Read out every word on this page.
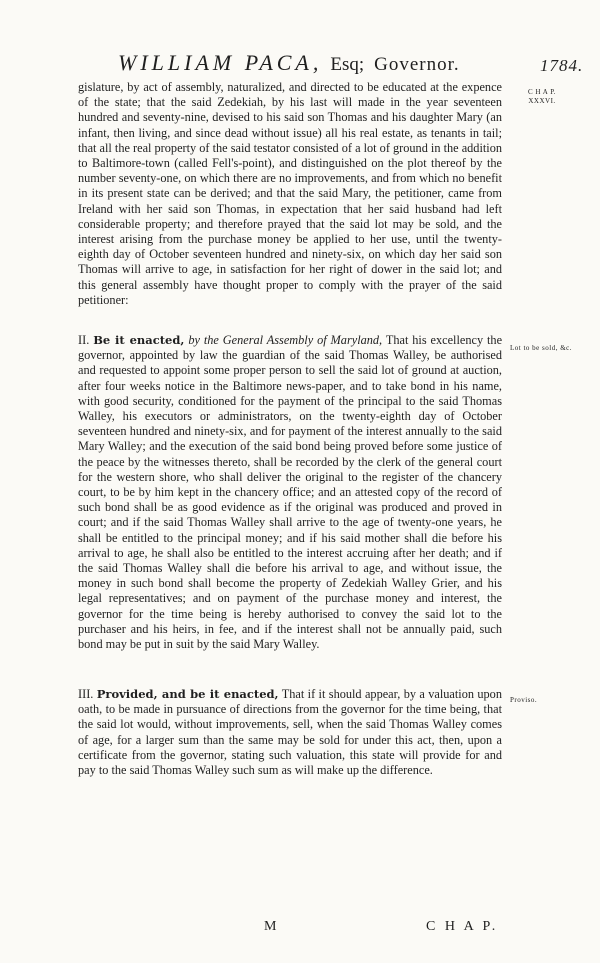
WILLIAM PACA, Esq; Governor.	1784.
C H A P.
XXXVI.
gislature, by act of assembly, naturalized, and directed to be educated at the expence of the state; that the said Zedekiah, by his last will made in the year seventeen hundred and seventy-nine, devised to his said son Thomas and his daughter Mary (an infant, then living, and since dead without issue) all his real estate, as tenants in tail; that all the real property of the said testator consisted of a lot of ground in the addition to Baltimore-town (called Fell's-point), and distinguished on the plot thereof by the number seventy-one, on which there are no improvements, and from which no benefit in its present state can be derived; and that the said Mary, the petitioner, came from Ireland with her said son Thomas, in expectation that her said husband had left considerable property; and therefore prayed that the said lot may be sold, and the interest arising from the purchase money be applied to her use, until the twenty-eighth day of October seventeen hundred and ninety-six, on which day her said son Thomas will arrive to age, in satisfaction for her right of dower in the said lot; and this general assembly have thought proper to comply with the prayer of the said petitioner:
Lot to be sold, &c.
II. Be it enacted, by the General Assembly of Maryland, That his excellency the governor, appointed by law the guardian of the said Thomas Walley, be authorised and requested to appoint some proper person to sell the said lot of ground at auction, after four weeks notice in the Baltimore news-paper, and to take bond in his name, with good security, conditioned for the payment of the principal to the said Thomas Walley, his executors or administrators, on the twenty-eighth day of October seventeen hundred and ninety-six, and for payment of the interest annually to the said Mary Walley; and the execution of the said bond being proved before some justice of the peace by the witnesses thereto, shall be recorded by the clerk of the general court for the western shore, who shall deliver the original to the register of the chancery court, to be by him kept in the chancery office; and an attested copy of the record of such bond shall be as good evidence as if the original was produced and proved in court; and if the said Thomas Walley shall arrive to the age of twenty-one years, he shall be entitled to the principal money; and if his said mother shall die before his arrival to age, he shall also be entitled to the interest accruing after her death; and if the said Thomas Walley shall die before his arrival to age, and without issue, the money in such bond shall become the property of Zedekiah Walley Grier, and his legal representatives; and on payment of the purchase money and interest, the governor for the time being is hereby authorised to convey the said lot to the purchaser and his heirs, in fee, and if the interest shall not be annually paid, such bond may be put in suit by the said Mary Walley.
Proviso.
III. Provided, and be it enacted, That if it should appear, by a valuation upon oath, to be made in pursuance of directions from the governor for the time being, that the said lot would, without improvements, sell, when the said Thomas Walley comes of age, for a larger sum than the same may be sold for under this act, then, upon a certificate from the governor, stating such valuation, this state will provide for and pay to the said Thomas Walley such sum as will make up the difference.
M	C H A P.
